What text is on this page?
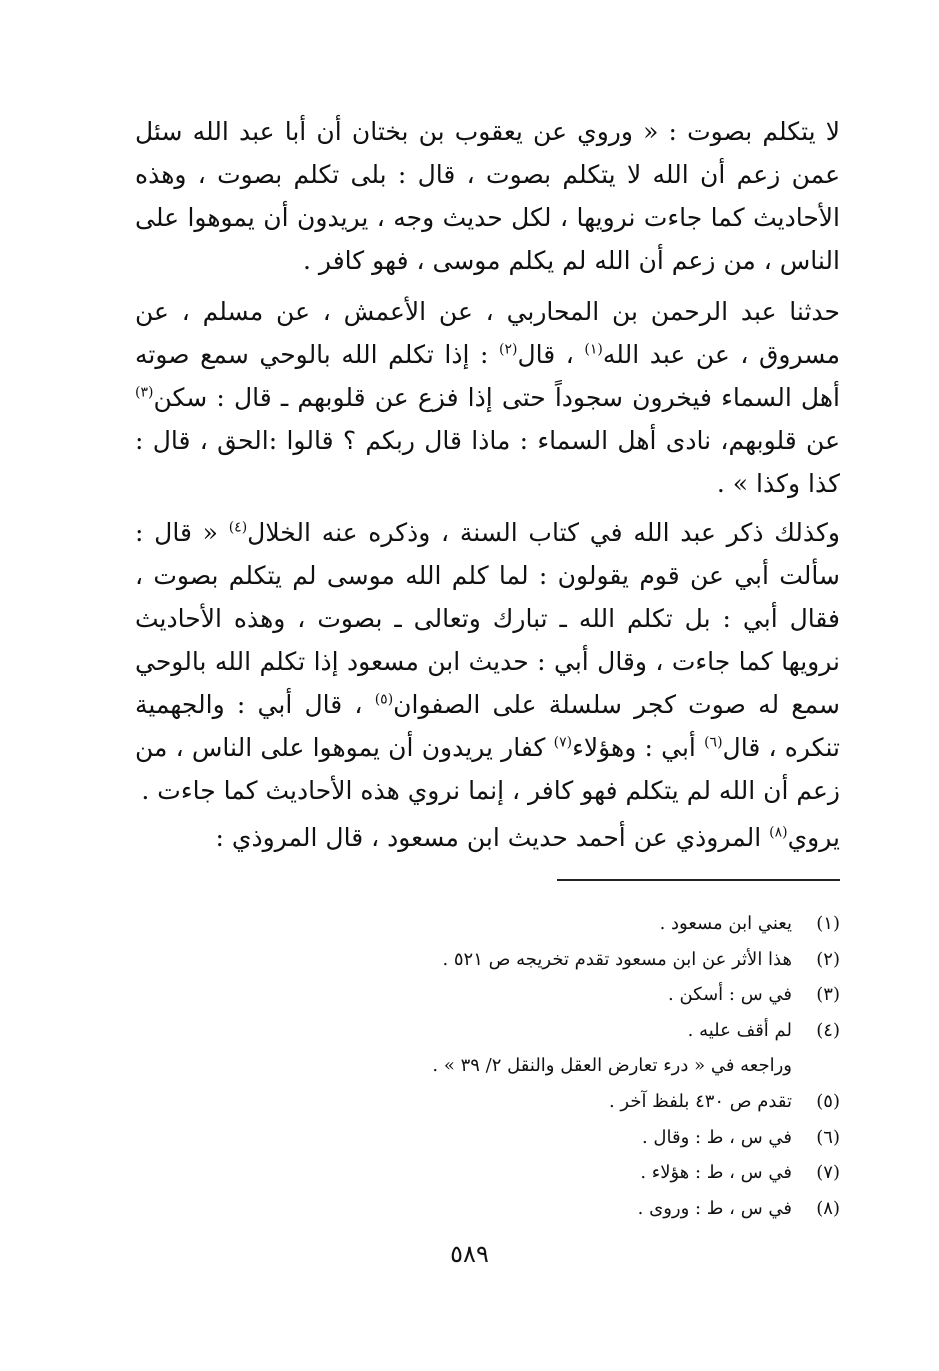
لا يتكلم بصوت : « وروي عن يعقوب بن بختان أن أبا عبد الله سئل عمن زعم أن الله لا يتكلم بصوت ، قال : بلى تكلم بصوت ، وهذه الأحاديث كما جاءت نرويها ، لكل حديث وجه ، يريدون أن يموهوا على الناس ، من زعم أن الله لم يكلم موسى ، فهو كافر .

حدثنا عبد الرحمن بن المحاربي ، عن الأعمش ، عن مسلم ، عن مسروق ، عن عبد الله$^{(١)}$ ، قال$^{(٢)}$ : إذا تكلم الله بالوحي سمع صوته أهل السماء فيخرون سجوداً حتى إذا فزع عن قلوبهم ـ قال : سكن$^{(٣)}$ عن قلوبهم، نادى أهل السماء : ماذا قال ربكم ؟ قالوا :الحق ، قال : كذا وكذا » .

وكذلك ذكر عبد الله في كتاب السنة ، وذكره عنه الخلال$^{(٤)}$ « قال : سألت أبي عن قوم يقولون : لما كلم الله موسى لم يتكلم بصوت ، فقال أبي : بل تكلم الله ـ تبارك وتعالى ـ بصوت ، وهذه الأحاديث نرويها كما جاءت ، وقال أبي : حديث ابن مسعود إذا تكلم الله بالوحي سمع له صوت كجر سلسلة على الصفوان$^{(٥)}$ ، قال أبي : والجهمية تنكره ، قال$^{(٦)}$ أبي : وهؤلاء$^{(٧)}$ كفار يريدون أن يموهوا على الناس ، من زعم أن الله لم يتكلم فهو كافر ، إنما نروي هذه الأحاديث كما جاءت .

يروي$^{(٨)}$ المروذي عن أحمد حديث ابن مسعود ، قال المروذي :

(١)يعني ابن مسعود .
(٢)هذا الأثر عن ابن مسعود تقدم تخريجه ص ٥٢١ .
(٣)في س : أسكن .
(٤)لم أقف عليه .
وراجعه في « درء تعارض العقل والنقل ٢/ ٣٩ » .
(٥)تقدم ص ٤٣٠ بلفظ آخر .
(٦)في س ، ط : وقال .
(٧)في س ، ط : هؤلاء .
(٨)في س ، ط : وروى .
٥٨٩
